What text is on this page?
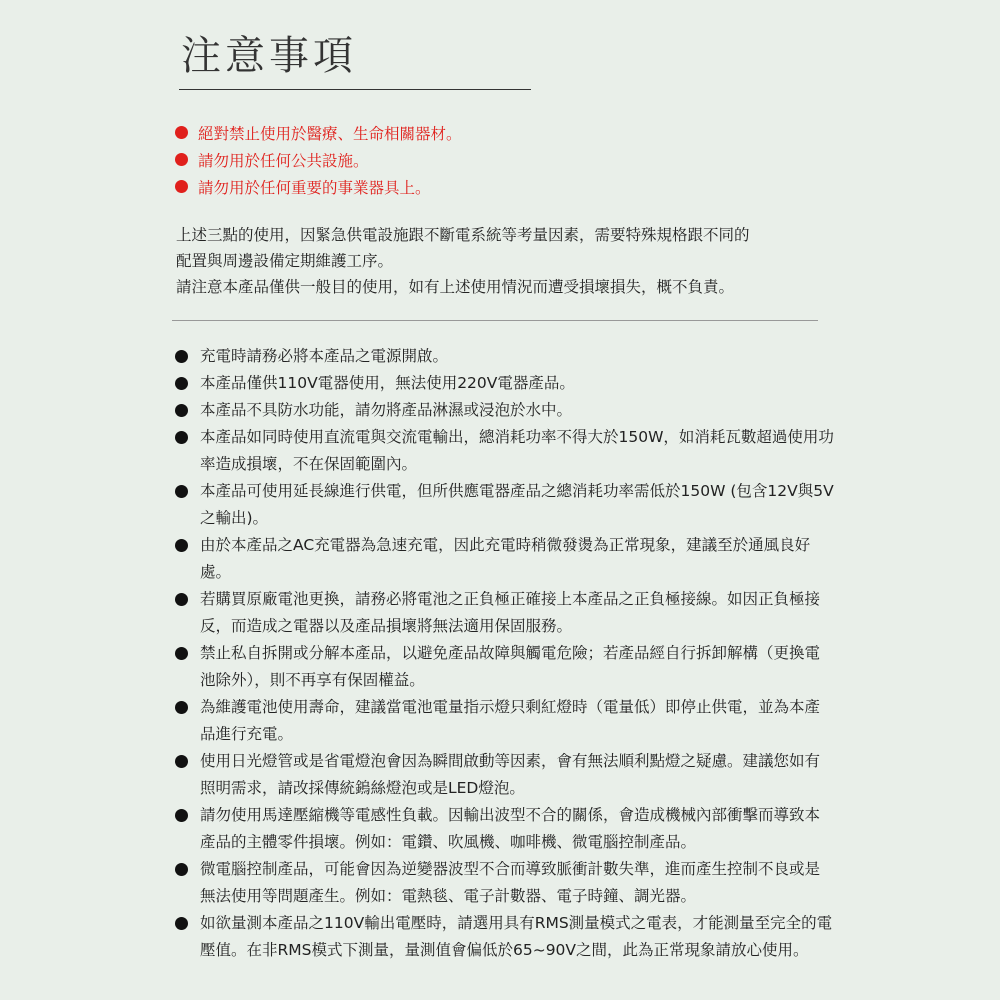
注意事項
絕對禁止使用於醫療、生命相關器材。
請勿用於任何公共設施。
請勿用於任何重要的事業器具上。

上述三點的使用，因緊急供電設施跟不斷電系統等考量因素，需要特殊規格跟不同的

配置與周邊設備定期維護工序。

請注意本產品僅供一般目的使用，如有上述使用情況而遭受損壞損失，概不負責。

充電時請務必將本產品之電源開啟。
本產品僅供110V電器使用，無法使用220V電器產品。
本產品不具防水功能，請勿將產品淋濕或浸泡於水中。
本產品如同時使用直流電與交流電輸出，總消耗功率不得大於150W，如消耗瓦數超過使用功率造成損壞，不在保固範圍內。
本產品可使用延長線進行供電，但所供應電器產品之總消耗功率需低於150W (包含12V與5V之輸出)。
由於本產品之AC充電器為急速充電，因此充電時稍微發燙為正常現象，建議至於通風良好處。
若購買原廠電池更換，請務必將電池之正負極正確接上本產品之正負極接線。如因正負極接反，而造成之電器以及產品損壞將無法適用保固服務。
禁止私自拆開或分解本產品，以避免產品故障與觸電危險；若產品經自行拆卸解構（更換電池除外），則不再享有保固權益。
為維護電池使用壽命，建議當電池電量指示燈只剩紅燈時（電量低）即停止供電，並為本產品進行充電。
使用日光燈管或是省電燈泡會因為瞬間啟動等因素，會有無法順利點燈之疑慮。建議您如有照明需求，請改採傳統鎢絲燈泡或是LED燈泡。
請勿使用馬達壓縮機等電感性負載。因輸出波型不合的關係，會造成機械內部衝擊而導致本產品的主體零件損壞。例如：電鑽、吹風機、咖啡機、微電腦控制產品。
微電腦控制產品，可能會因為逆變器波型不合而導致脈衝計數失準，進而產生控制不良或是無法使用等問題產生。例如：電熱毯、電子計數器、電子時鐘、調光器。
如欲量測本產品之110V輸出電壓時，請選用具有RMS測量模式之電表，才能測量至完全的電壓值。在非RMS模式下測量，量測值會偏低於65~90V之間，此為正常現象請放心使用。
